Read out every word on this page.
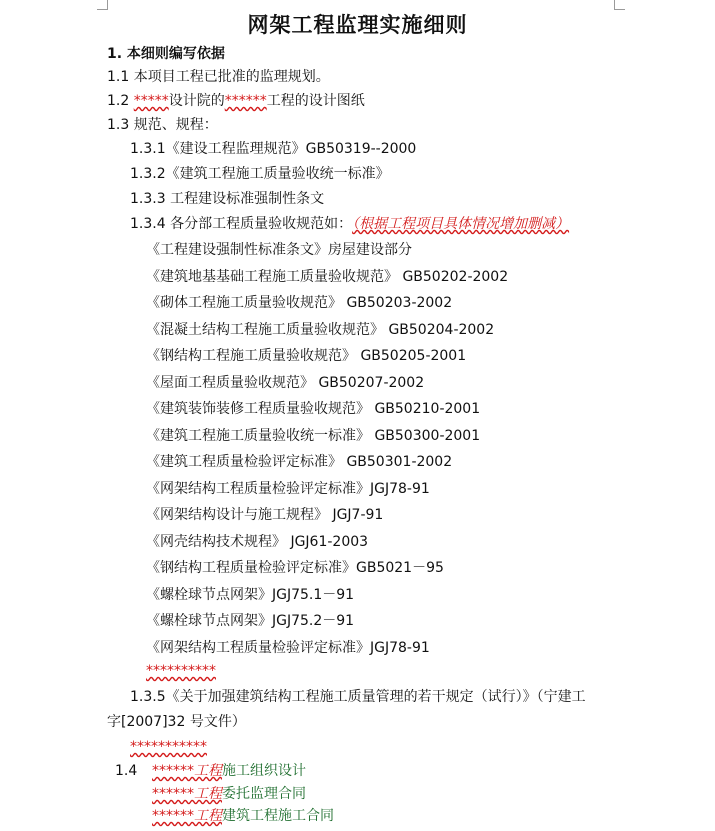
网架工程监理实施细则
1. 本细则编写依据
1.1 本项目工程已批准的监理规划。
1.2 *****设计院的******工程的设计图纸
1.3 规范、规程：
1.3.1《建设工程监理规范》GB50319--2000
1.3.2《建筑工程施工质量验收统一标准》
1.3.3 工程建设标准强制性条文
1.3.4 各分部工程质量验收规范如：（根据工程项目具体情况增加删减）
《工程建设强制性标准条文》房屋建设部分
《建筑地基基础工程施工质量验收规范》 GB50202-2002
《砌体工程施工质量验收规范》 GB50203-2002
《混凝土结构工程施工质量验收规范》 GB50204-2002
《钢结构工程施工质量验收规范》 GB50205-2001
《屋面工程质量验收规范》 GB50207-2002
《建筑装饰装修工程质量验收规范》 GB50210-2001
《建筑工程施工质量验收统一标准》 GB50300-2001
《建筑工程质量检验评定标准》 GB50301-2002
《网架结构工程质量检验评定标准》JGJ78-91
《网架结构设计与施工规程》 JGJ7-91
《网壳结构技术规程》 JGJ61-2003
《钢结构工程质量检验评定标准》GB5021－95
《螺栓球节点网架》JGJ75.1－91
《螺栓球节点网架》JGJ75.2－91
《网架结构工程质量检验评定标准》JGJ78-91
**********
1.3.5《关于加强建筑结构工程施工质量管理的若干规定（试行）》（宁建工
字[2007]32 号文件）
***********
1.4 ******工程施工组织设计
******工程委托监理合同
******工程建筑工程施工合同
